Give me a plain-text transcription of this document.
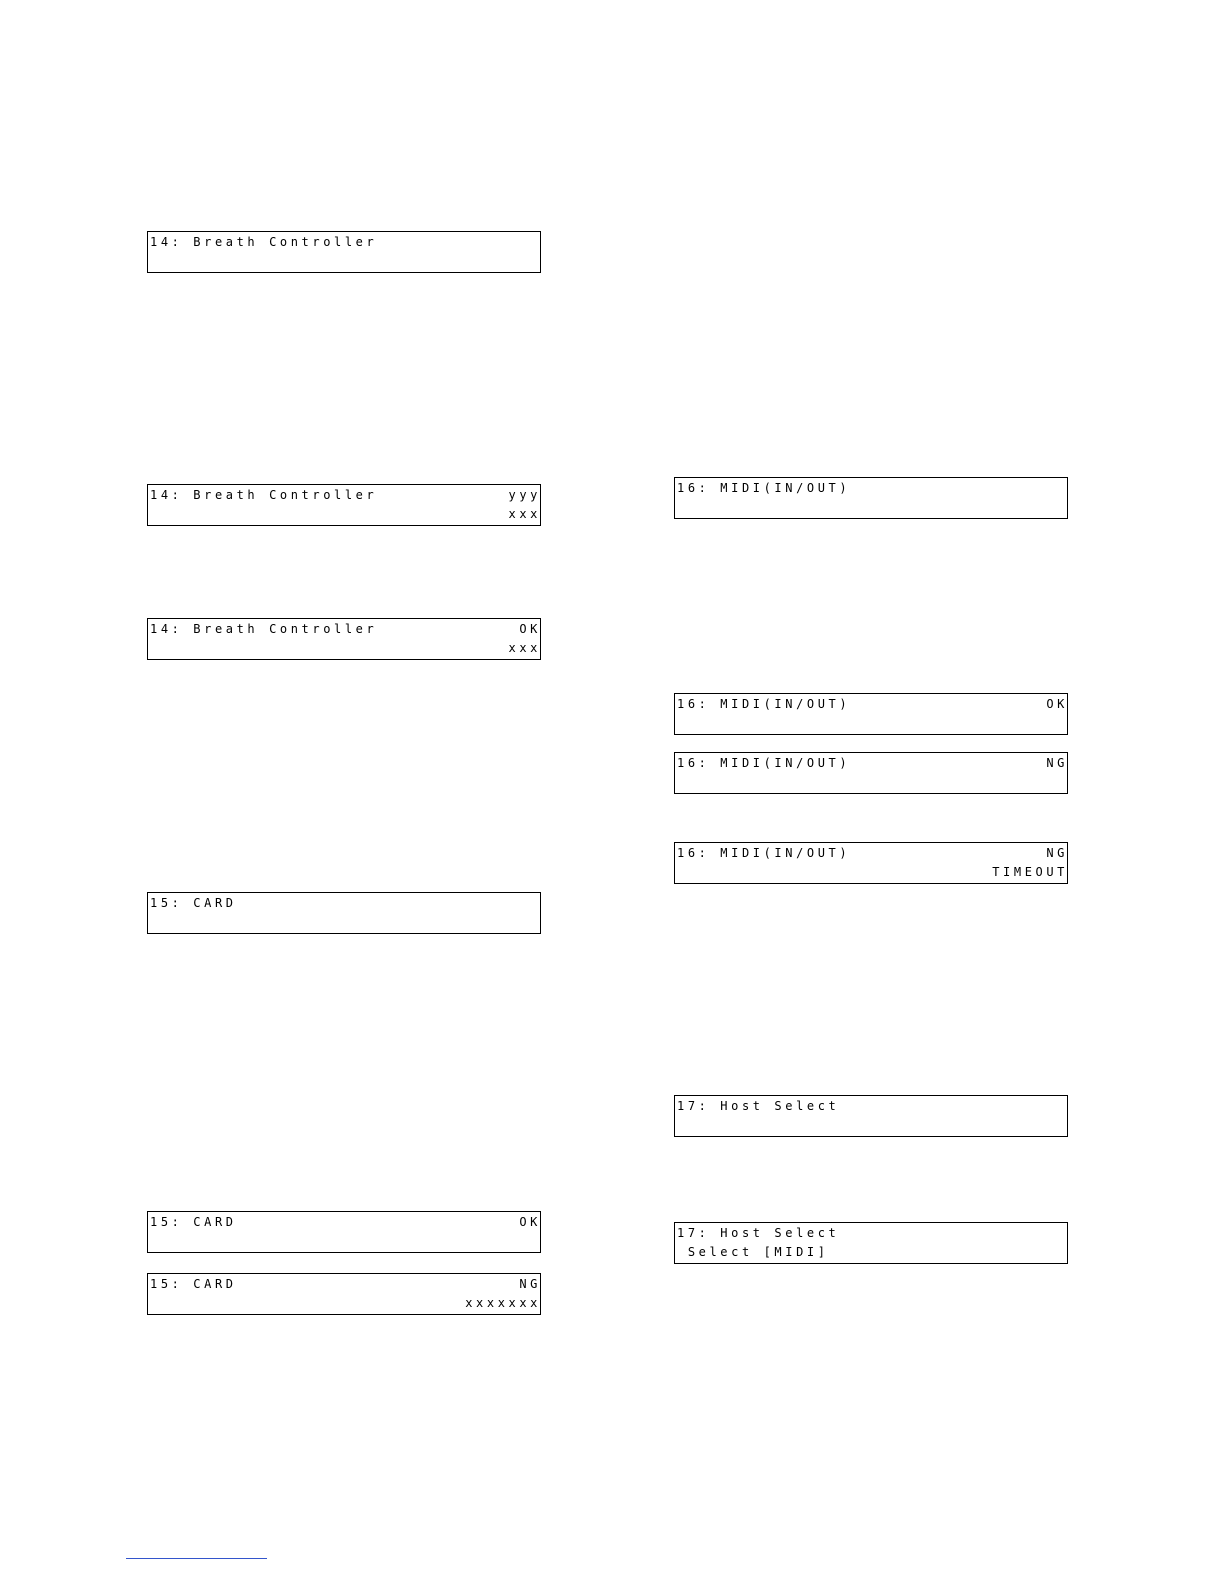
14: Breath Controller

14: Breath Controller

	yyy

xxx

14: Breath Controller

	OK

xxx

15: CARD

15: CARD

	OK

15: CARD

	NG

xxxxxxx

16: MIDI(IN/OUT)

16: MIDI(IN/OUT)

	OK

16: MIDI(IN/OUT)

	NG

16: MIDI(IN/OUT)

	NG

TIMEOUT

17: Host Select

17: Host Select

Select [MIDI]
